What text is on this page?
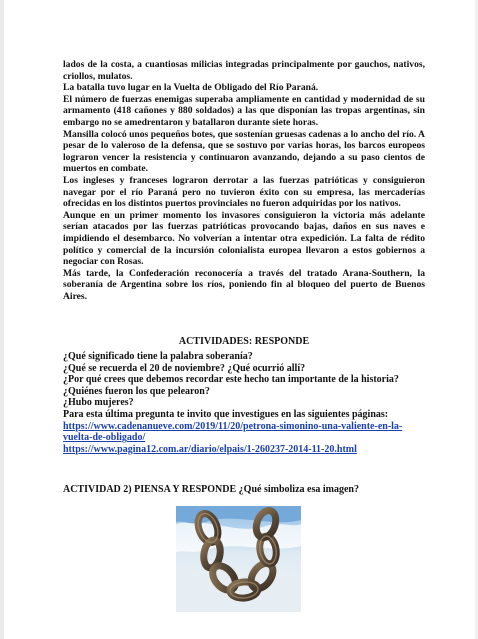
lados de la costa, a cuantiosas milicias integradas principalmente por gauchos, nativos, criollos, mulatos.

La batalla tuvo lugar en la Vuelta de Obligado del Río Paraná.

El número de fuerzas enemigas superaba ampliamente en cantidad y modernidad de su armamento (418 cañones y 880 soldados) a las que disponían las tropas argentinas, sin embargo no se amedrentaron y batallaron durante siete horas.

Mansilla colocó unos pequeños botes, que sostenían gruesas cadenas a lo ancho del río. A pesar de lo valeroso de la defensa, que se sostuvo por varias horas, los barcos europeos lograron vencer la resistencia y continuaron avanzando, dejando a su paso cientos de muertos en combate.

Los ingleses y franceses lograron derrotar a las fuerzas patrióticas y consiguieron navegar por el río Paraná pero no tuvieron éxito con su empresa, las mercaderías ofrecidas en los distintos puertos provinciales no fueron adquiridas por los nativos.

Aunque en un primer momento los invasores consiguieron la victoria más adelante serían atacados por las fuerzas patrióticas provocando bajas, daños en sus naves e impidiendo el desembarco. No volverían a intentar otra expedición. La falta de rédito político y comercial de la incursión colonialista europea llevaron a estos gobiernos a negociar con Rosas.

Más tarde, la Confederación reconocería a través del tratado Arana-Southern, la soberanía de Argentina sobre los ríos, poniendo fin al bloqueo del puerto de Buenos Aires.

ACTIVIDADES: RESPONDE

¿Qué significado tiene la palabra soberanía?

¿Qué se recuerda el 20 de noviembre? ¿Qué ocurrió allí?

¿Por qué crees que debemos recordar este hecho tan importante de la historia?

¿Quiénes fueron los que pelearon?

¿Hubo mujeres?

Para esta última pregunta te invito que investigues en las siguientes páginas:

https://www.cadenanueve.com/2019/11/20/petrona-simonino-una-valiente-en-la-vuelta-de-obligado/
https://www.pagina12.com.ar/diario/elpais/1-260237-2014-11-20.html
ACTIVIDAD 2) PIENSA Y RESPONDE ¿Qué simboliza esa imagen?
